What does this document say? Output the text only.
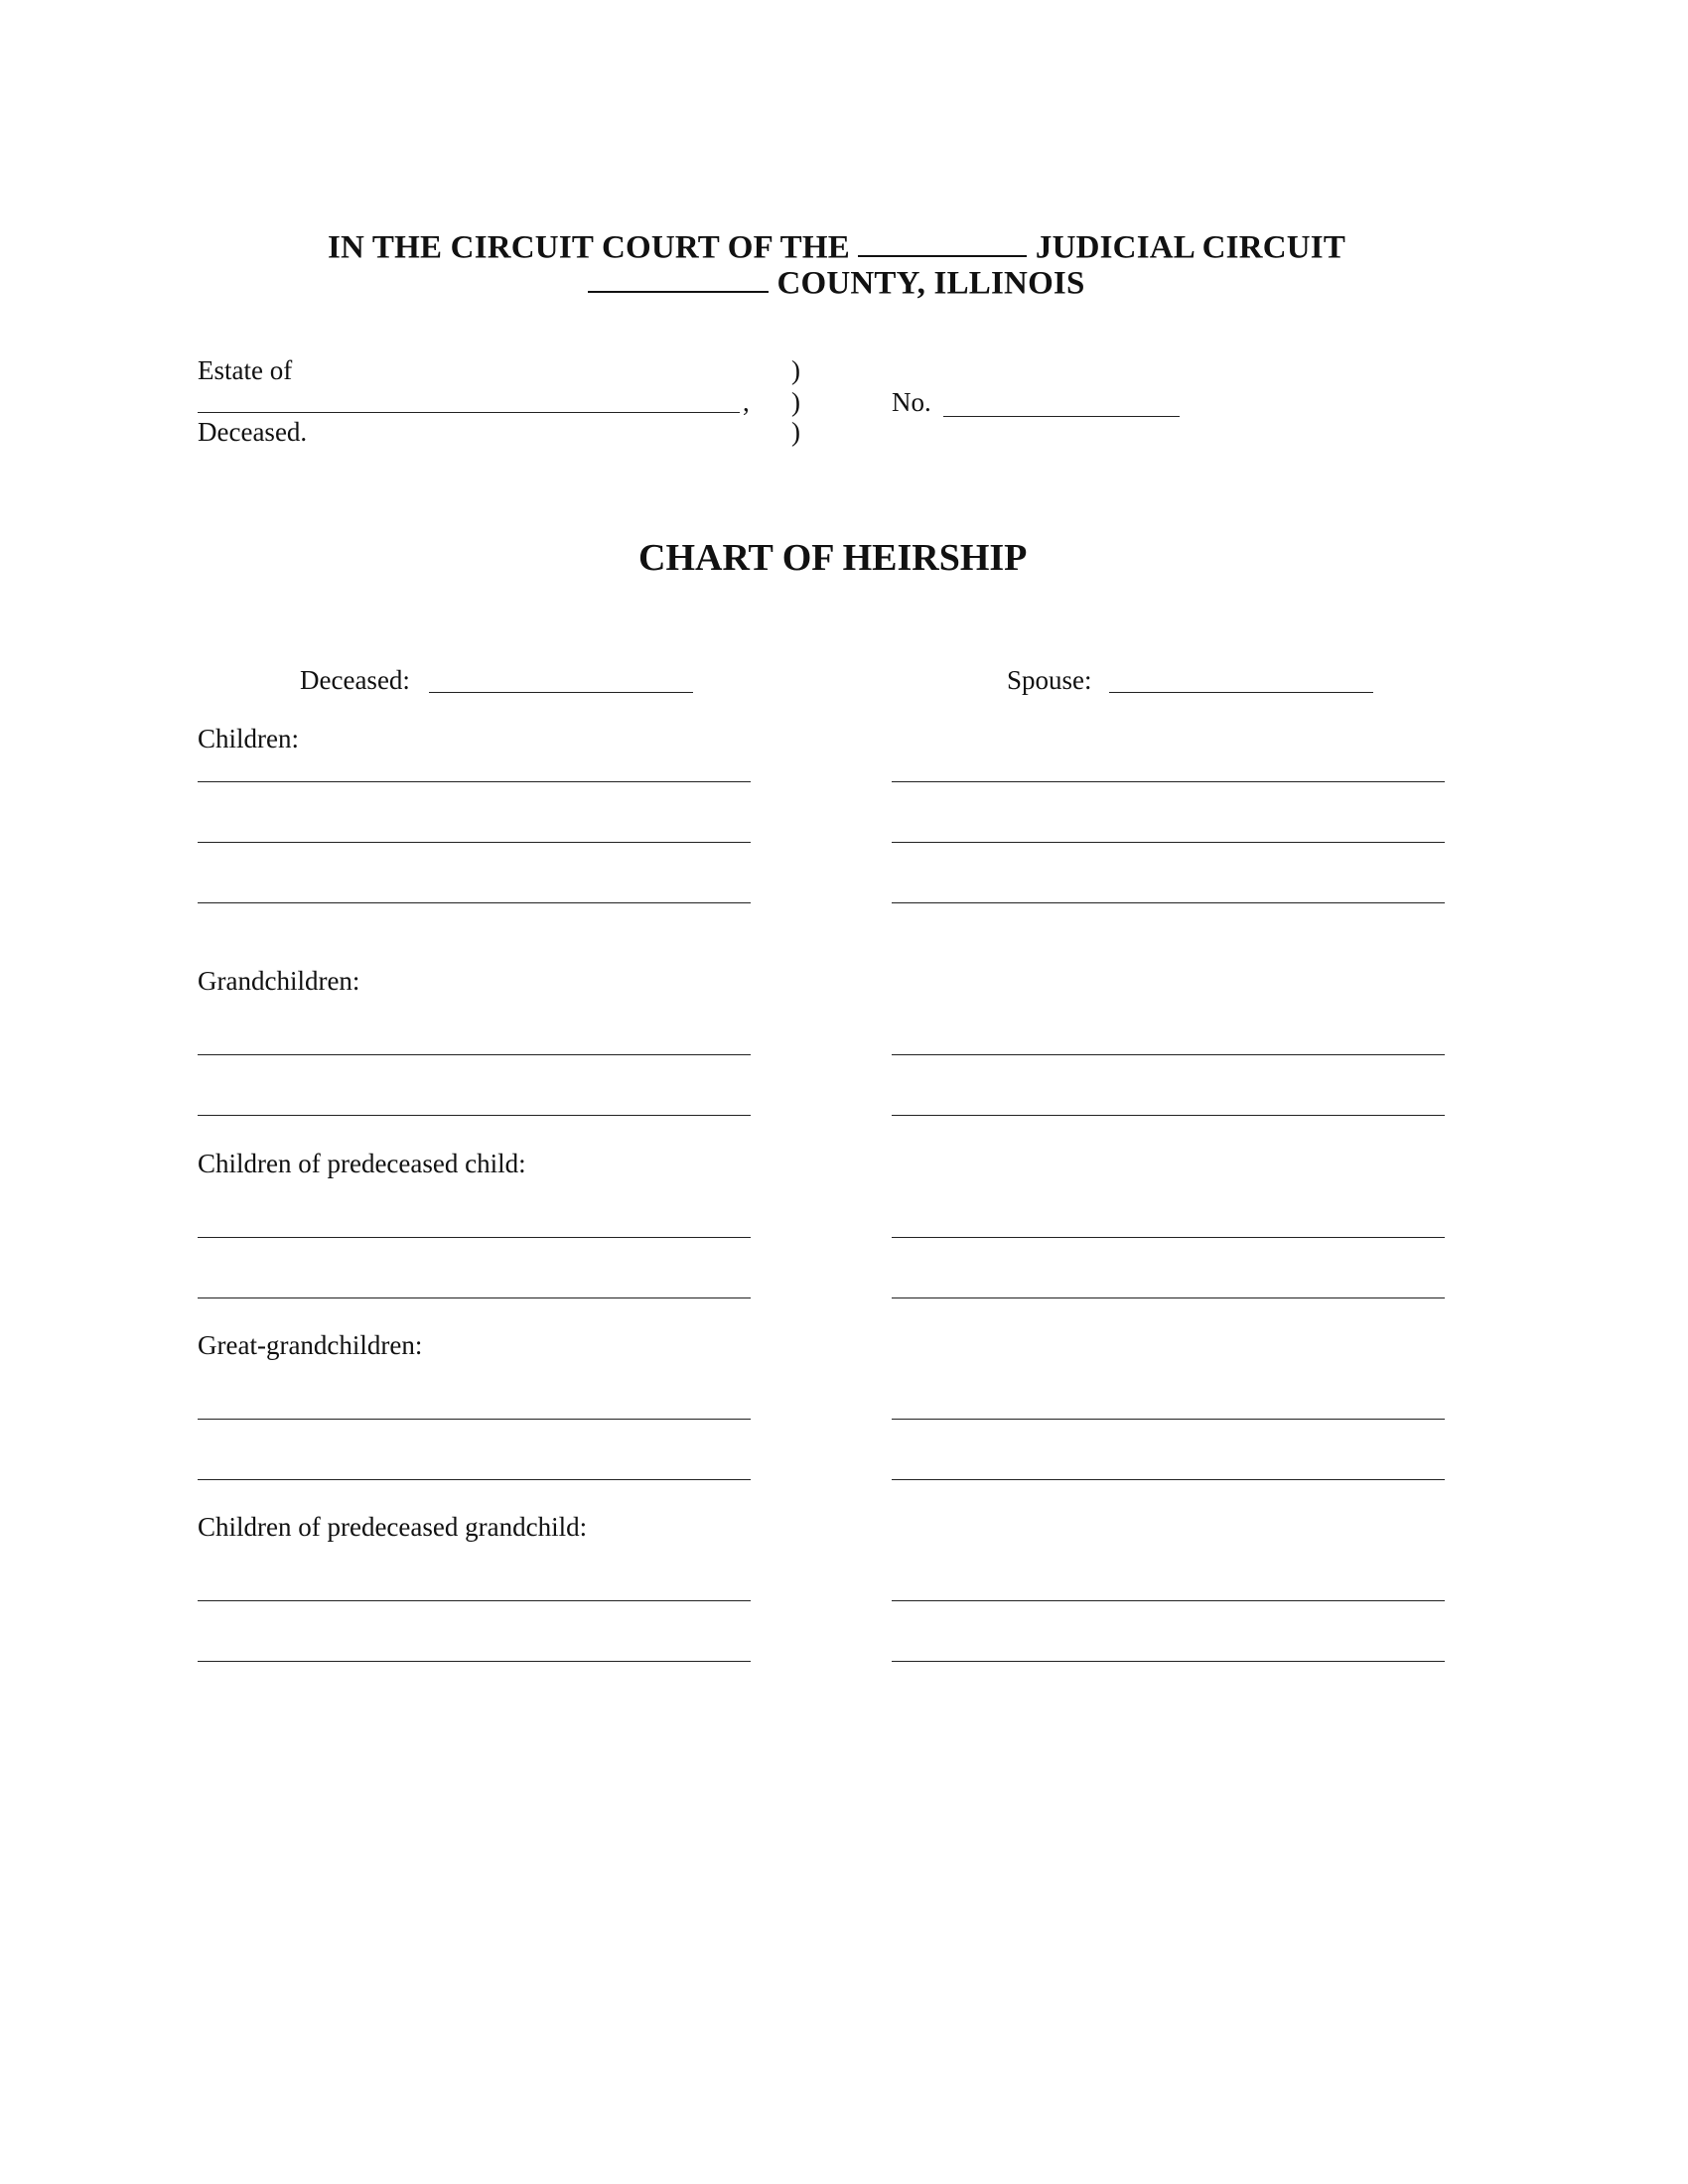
IN THE CIRCUIT COURT OF THE	JUDICIAL CIRCUIT
COUNTY, ILLINOIS
Estate of
,
Deceased.
)
)
)
No.
CHART OF HEIRSHIP
Deceased:	Spouse:
Children:
Grandchildren:
Children of predeceased child:
Great-grandchildren:
Children of predeceased grandchild:
